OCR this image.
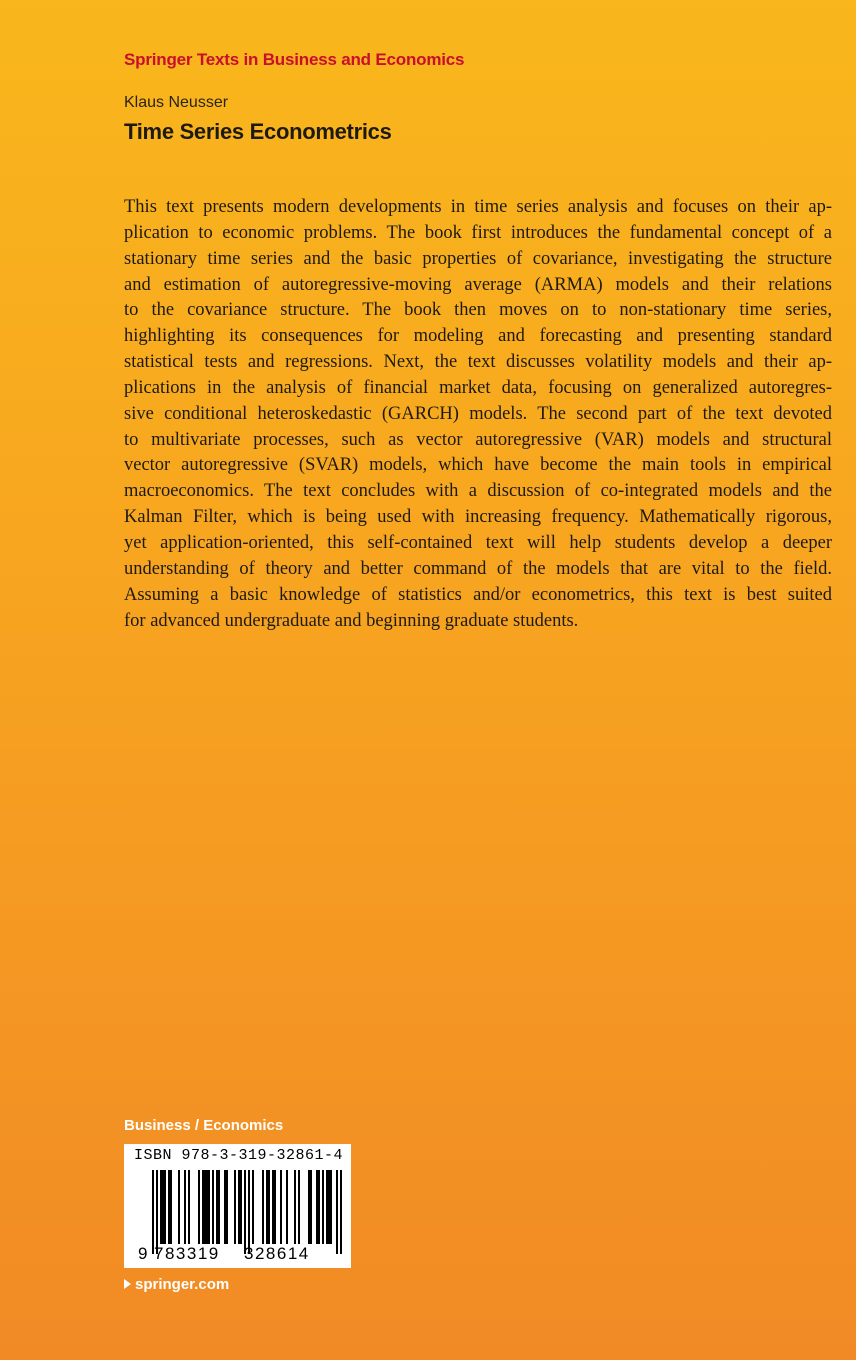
Springer Texts in Business and Economics
Klaus Neusser
Time Series Econometrics
This text presents modern developments in time series analysis and focuses on their ap-
plication to economic problems. The book first introduces the fundamental concept of a
stationary time series and the basic properties of covariance, investigating the structure
and estimation of autoregressive-moving average (ARMA) models and their relations
to the covariance structure. The book then moves on to non-stationary time series,
highlighting its consequences for modeling and forecasting and presenting standard
statistical tests and regressions. Next, the text discusses volatility models and their ap-
plications in the analysis of financial market data, focusing on generalized autoregres-
sive conditional heteroskedastic (GARCH) models. The second part of the text devoted
to multivariate processes, such as vector autoregressive (VAR) models and structural
vector autoregressive (SVAR) models, which have become the main tools in empirical
macroeconomics. The text concludes with a discussion of co-integrated models and the
Kalman Filter, which is being used with increasing frequency. Mathematically rigorous,
yet application-oriented, this self-contained text will help students develop a deeper
understanding of theory and better command of the models that are vital to the field.
Assuming a basic knowledge of statistics and/or econometrics, this text is best suited
for advanced undergraduate and beginning graduate students.
Business / Economics
ISBN 978-3-319-32861-4
9 783319 328614
springer.com
